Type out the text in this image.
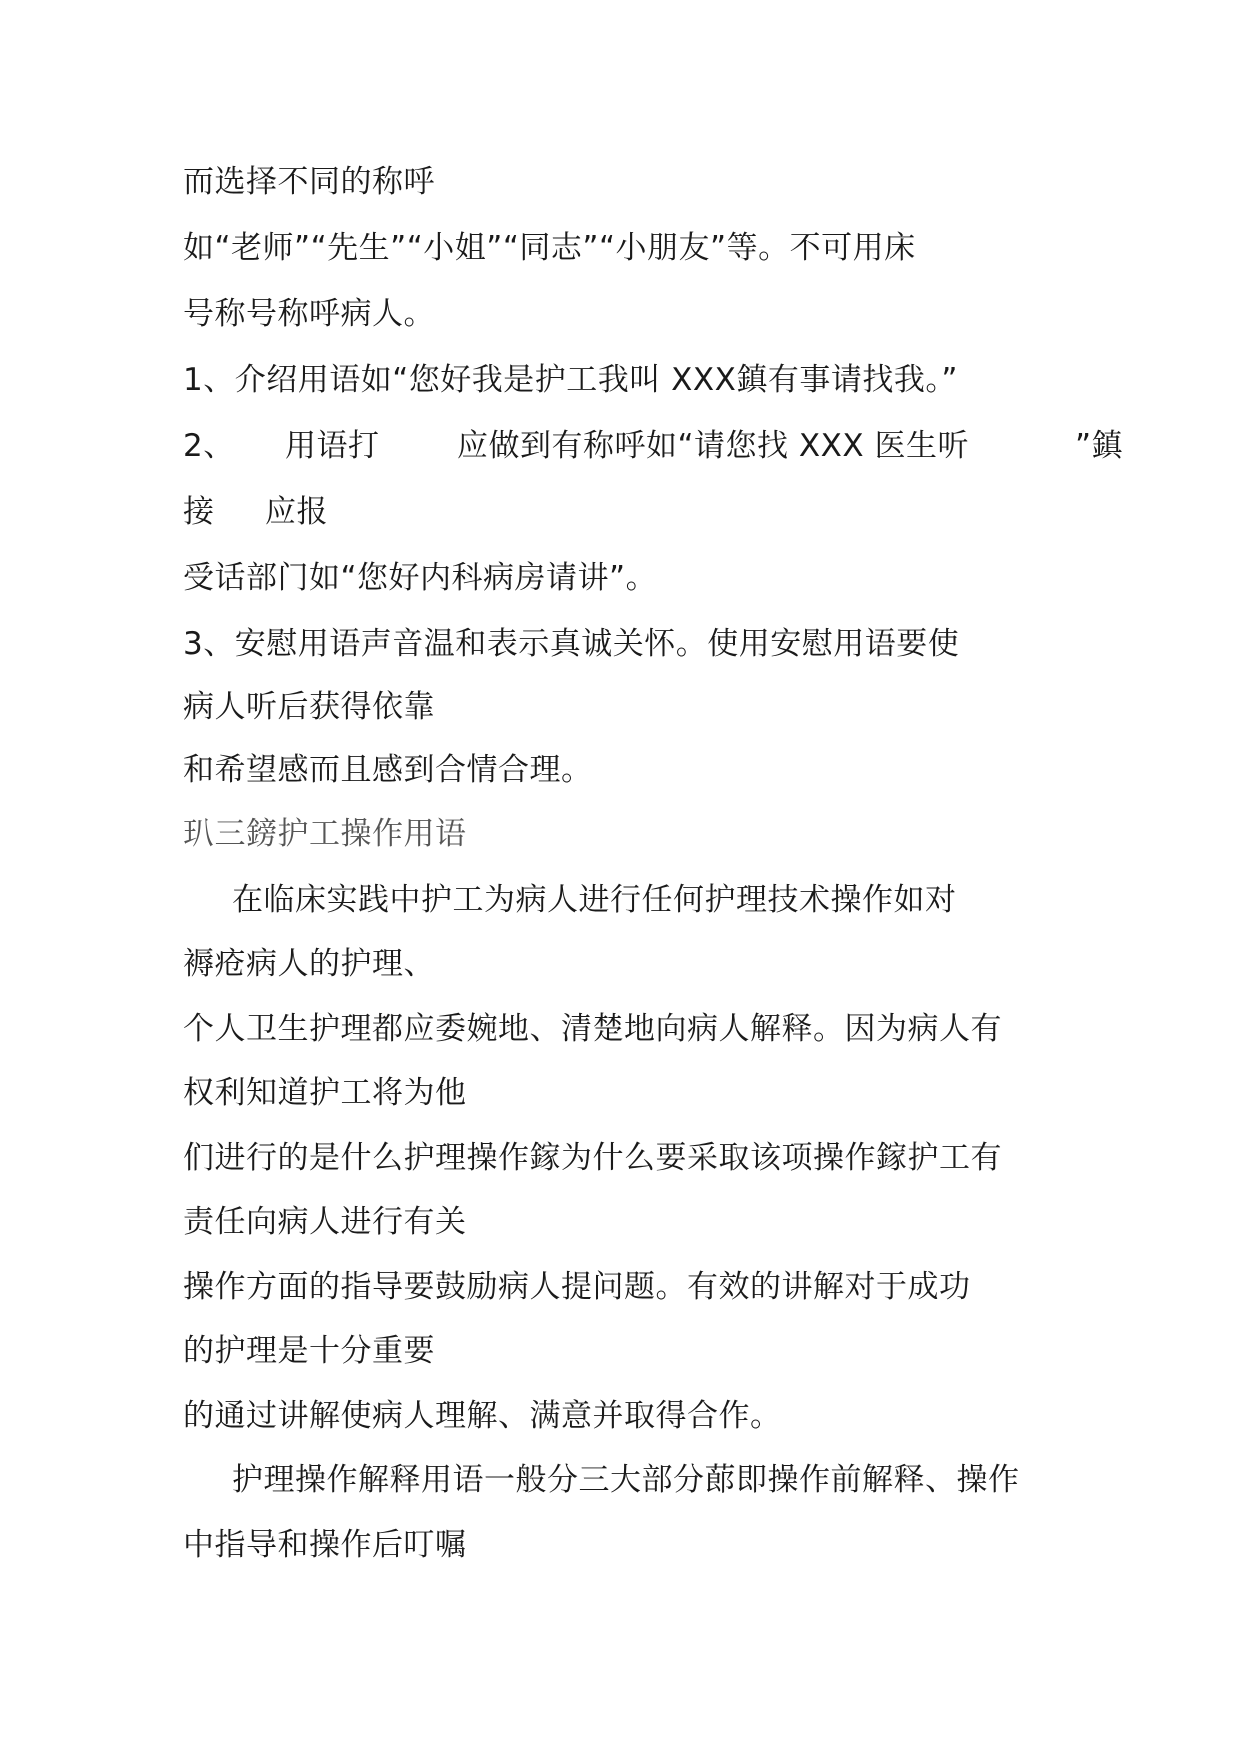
而选择不同的称呼
如“老师”“先生”“小姐”“同志”“小朋友”等。不可用床
号称号称呼病人。
1、介绍用语如“您好我是护工我叫 XXX鎮有事请找我。”
2、 用语打	应做到有称呼如“请您找 XXX 医生听	”鎮
接 应报
受话部门如“您好内科病房请讲”。
3、安慰用语声音温和表示真诚关怀。使用安慰用语要使
病人听后获得依靠
和希望感而且感到合情合理。
玐三鎊护工操作用语
在临床实践中护工为病人进行任何护理技术操作如对
褥疮病人的护理、
个人卫生护理都应委婉地、清楚地向病人解释。因为病人有
权利知道护工将为他
们进行的是什么护理操作鎵为什么要采取该项操作鎵护工有
责任向病人进行有关
操作方面的指导要鼓励病人提问题。有效的讲解对于成功
的护理是十分重要
的通过讲解使病人理解、满意并取得合作。
护理操作解释用语一般分三大部分蓈即操作前解释、操作
中指导和操作后叮嘱
